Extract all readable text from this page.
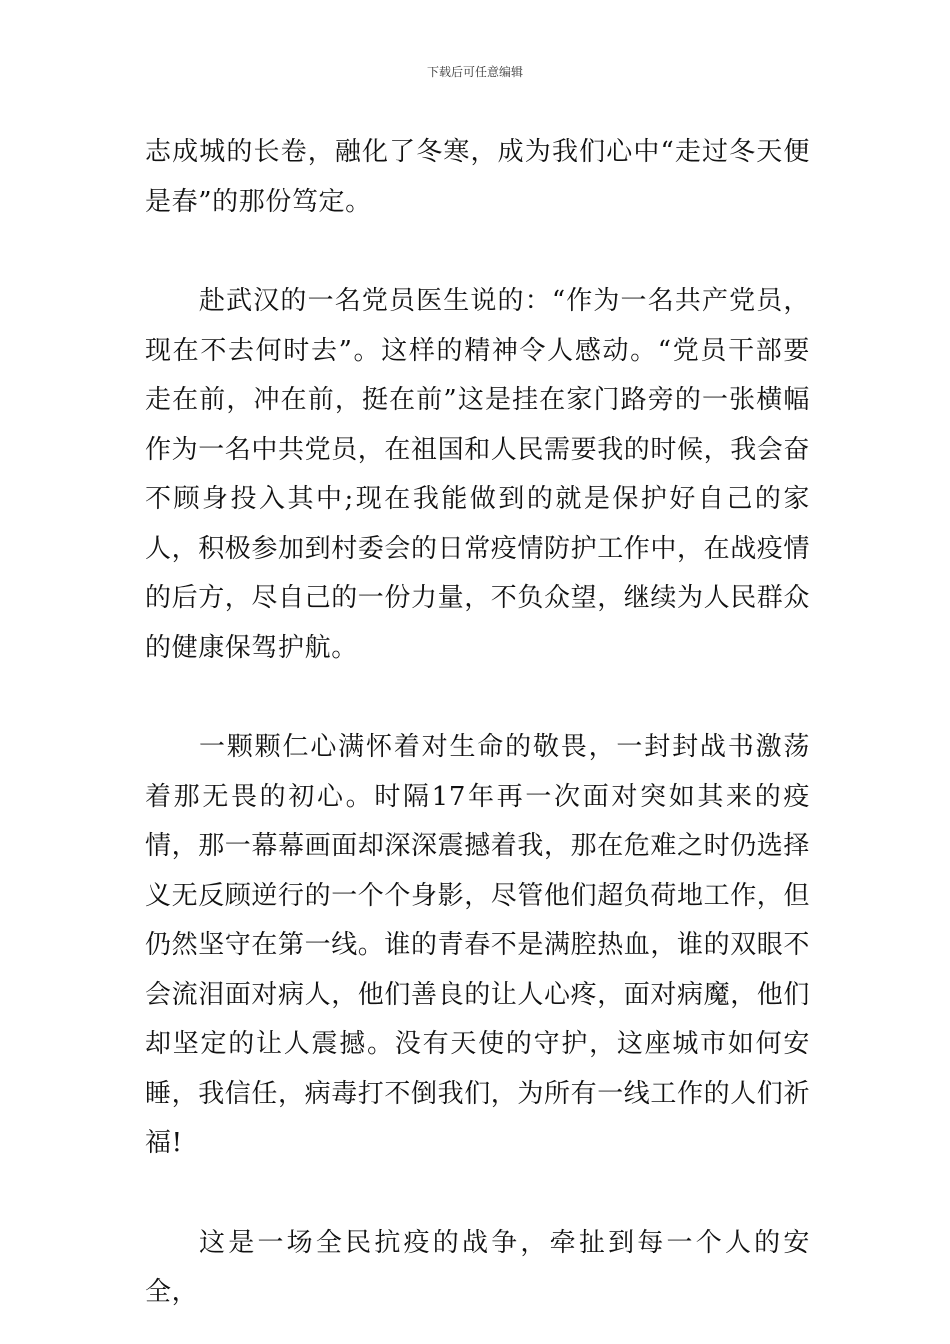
下载后可任意编辑

志成城的长卷，融化了冬寒，成为我们心中“走过冬天便是春”的那份笃定。

赴武汉的一名党员医生说的：“作为一名共产党员，现在不去何时去”。这样的精神令人感动。“党员干部要走在前，冲在前，挺在前”这是挂在家门路旁的一张横幅作为一名中共党员，在祖国和人民需要我的时候，我会奋不顾身投入其中;现在我能做到的就是保护好自己的家人，积极参加到村委会的日常疫情防护工作中，在战疫情的后方，尽自己的一份力量，不负众望，继续为人民群众的健康保驾护航。

一颗颗仁心满怀着对生命的敬畏，一封封战书激荡着那无畏的初心。时隔17年再一次面对突如其来的疫情，那一幕幕画面却深深震撼着我，那在危难之时仍选择义无反顾逆行的一个个身影，尽管他们超负荷地工作，但仍然坚守在第一线。谁的青春不是满腔热血，谁的双眼不会流泪面对病人，他们善良的让人心疼，面对病魔，他们却坚定的让人震撼。没有天使的守护，这座城市如何安睡，我信任，病毒打不倒我们，为所有一线工作的人们祈福!

这是一场全民抗疫的战争，牵扯到每一个人的安全，
